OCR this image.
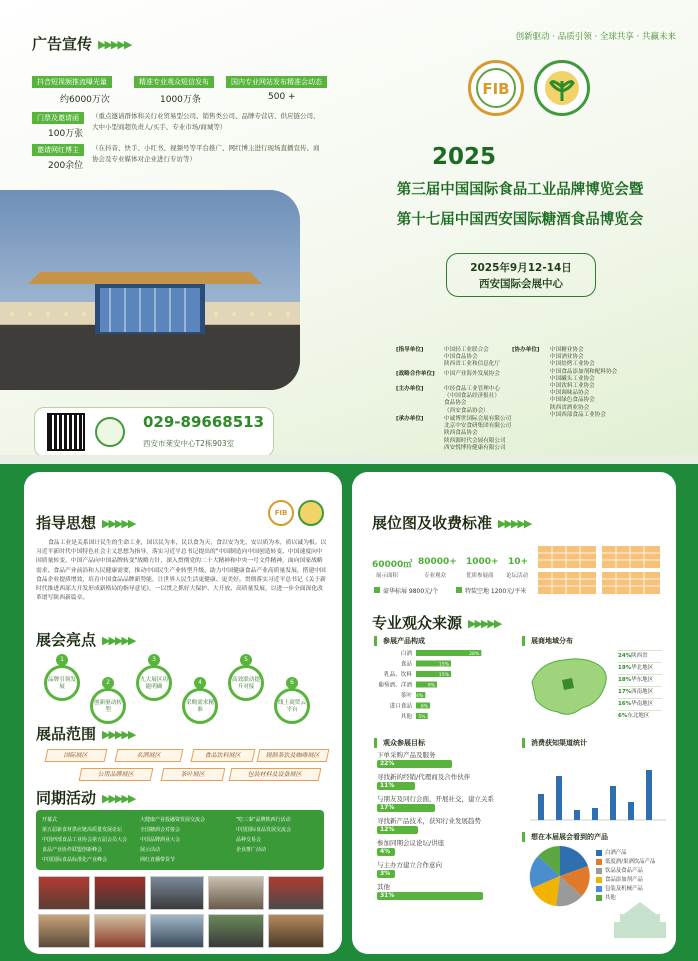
广告宣传 ▶▶▶▶▶
创新驱动 · 品质引领 · 全球共享 · 共赢未来
抖音短视频推流曝光量
约6000万次
精准专业观众短信发布
1000万条
国内专业网站发布精准会动态
500 +
门票及邀请函
100万张
（重点邀请群体和关行业贸易型公司、销售类公司、品牌专营店、供应链公司、大中小型商超负责人/买手、专业市场/商城等）
邀请网红博主
200余位
（在抖音、快手、小红书、视频号等平台推广、网红博主进行现场直播宣传、商协会及专业媒体对企业进行专访等）
FIB
2025
第三届中国国际食品工业品牌博览会暨
第十七届中国西安国际糖酒食品博览会
2025年9月12-14日
西安国际会展中心
029-89668513
西安市莱安中心T2栋903室
[指导单位]	中国轻工业联合会
中国食品协会
陕西省工业和信息化厅
[战略合作单位]	中国产业海外发展协会
[主办单位]	中经食品工业管理中心
（中国食品经济报社）
食品协会
（西安食品协会）
[承办单位]	中诚博世国际会展有限公司
北京中安食研集团有限公司
陕西食品协会
陕西源时代会展有限公司
西安悦博侍健康有限公司
[协办单位]	中国糖业协会
中国酒业协会
中国焙烤工业协会
中国食品添加剂和配料协会
中国罐头工业协会
中国饮料工业协会
中国调味品协会
中国绿色食品协会
陕西省酒业协会
中国西部食品工业协会
指导思想 ▶▶▶▶▶
FIB
食品工业是关系国计民生的生命工业，国以民为本，民以食为天，食以安为先，安以质为本，质以诚为根。以习近平新时代中国特色社会主义思想为指导，落实习近平总书记提出的"中国制造向中国创造转变、中国速度向中国质量转变、中国产品向中国品牌转变"战略方针，深入贯彻党的二十大精神和中央一号文件精神，面向国家战略需求、食品产业前沿和人民健康需要，推动中国民生产业转型升级，助力中国健康食品产业高质量发展，搭建中国食品企业提质增效，培育中国食品品牌新势能，让世界人民生活更健康、更美好。贯彻落实习近平总书记《关于新时代推进西部大开发形成新格局的指导意见》，一以贯之抓好大保护、大开放、高质量发展，以进一步全面深化改革谱写陕西新篇章。
展会亮点 ▶▶▶▶▶
1
品牌引领发展
2
创新驱动转型
3
九大展区功能明确
4
采购需求精准
5
高效联动提升对接
6
线上商贸云平台
展品范围 ▶▶▶▶▶
国际展区	名酒展区	食品饮料展区	现制茶饮及咖啡展区
公用品牌展区	茶叶展区	包装材料及设备展区
同期活动 ▶▶▶▶▶
开幕式
第五届新食材供应链高质量发展论坛
中国西部食品工业协会第五届会员大会
食品产业协作联盟创新峰会
中国国际食品标准化产业峰会
大健康产业投融资发展交流会
全国糖酒会对接会
中国品牌酒业大会
展示活动
网红直播带货节
"吃三秦"品牌陕西行活动
中国国际食品发展交流会
品种交易会
企业推广活动
展位图及收费标准 ▶▶▶▶▶
60000㎡
展示面积
80000+
专业观众
1000+
优质参展商
10+
论坛活动
豪华标展 9800元/个	特装空地 1200元/平米
专业观众来源 ▶▶▶▶▶
参展产品构成
白酒	28%
食品	15%
乳品、饮料	15%
葡萄酒、洋酒	9%
茶叶 4%
进口食品 6%
其他 5%
展商地域分布
24%陕西省
19%华北地区
18%华东地区
17%西南地区
16%华南地区
6%东北地区
观众参展目标
下单采购产品及服务
22%
寻找新的经销/代理商及合作伙伴
11%
与朋友及同行会面，开展社交，建立关系
17%
寻找新产品技术，获知行业发展趋势
12%
参加同期会议论坛/讲座
4%
与主办方建立合作意向
3%
其他
31%
消费获知渠道统计
想在本届展会看到的产品
白酒产品
低度酒/果酒饮品产品
饮品及食品产品
食品添加剂产品
包装及机械产品
其他
